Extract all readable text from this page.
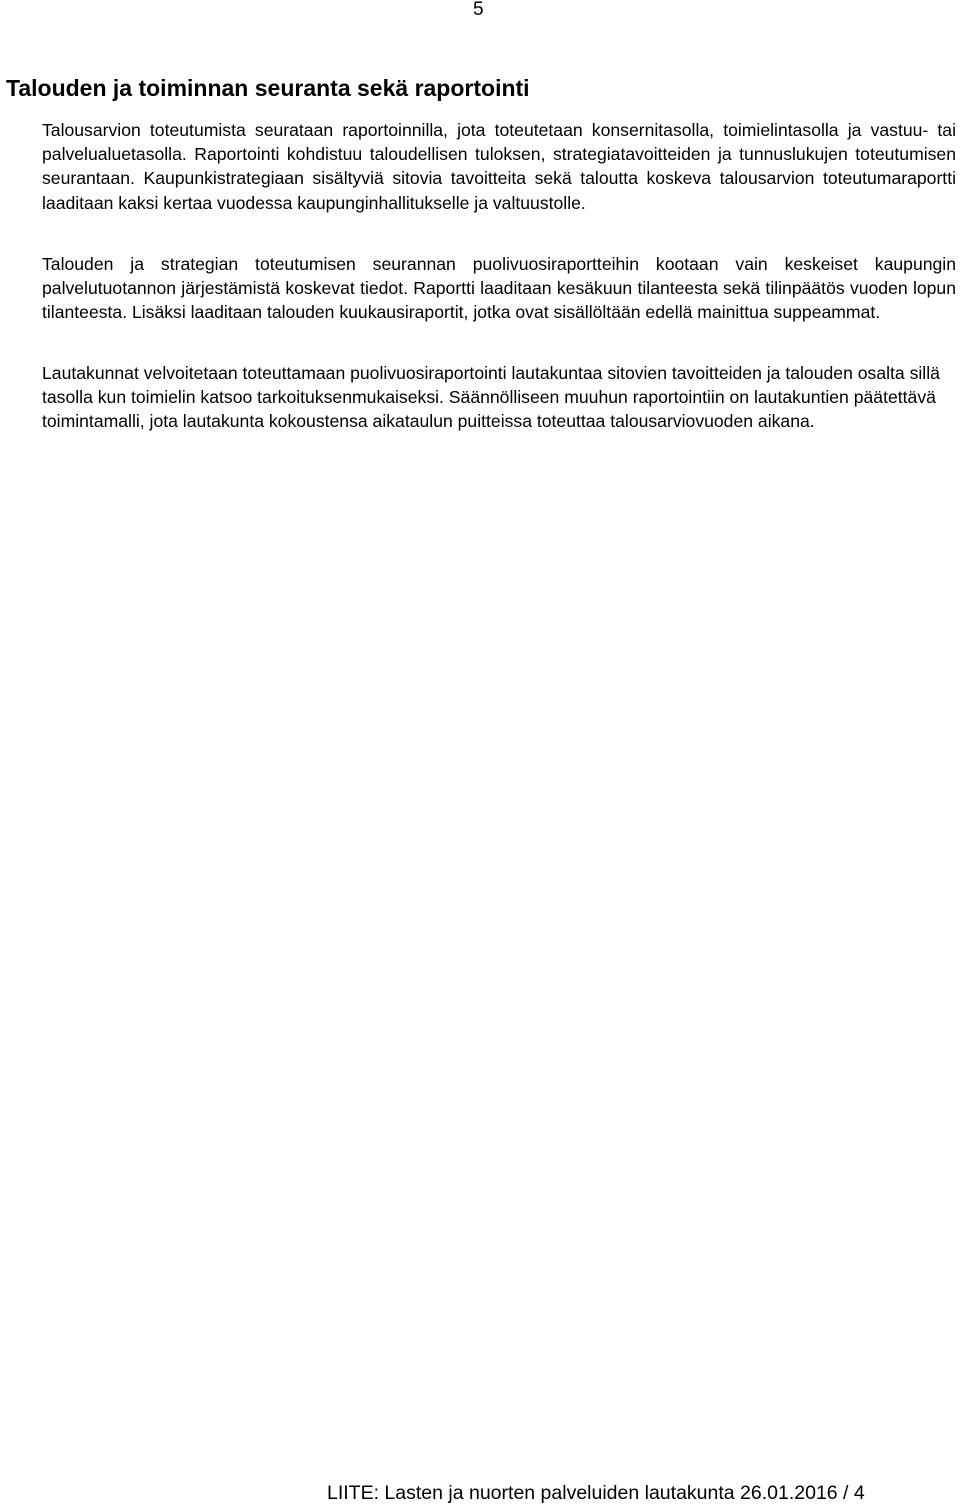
5
Talouden ja toiminnan seuranta sekä raportointi

Talousarvion toteutumista seurataan raportoinnilla, jota toteutetaan konsernitasolla, toimielintasolla ja vastuu- tai palvelualuetasolla. Raportointi kohdistuu taloudellisen tuloksen, strategiatavoitteiden ja tunnuslukujen toteutumisen seurantaan. Kaupunkistrategiaan sisältyviä sitovia tavoitteita sekä taloutta koskeva talousarvion toteutumaraportti laaditaan kaksi kertaa vuodessa kaupunginhallitukselle ja valtuustolle.

Talouden ja strategian toteutumisen seurannan puolivuosiraportteihin kootaan vain keskeiset kaupungin palvelutuotannon järjestämistä koskevat tiedot. Raportti laaditaan kesäkuun tilanteesta sekä tilinpäätös vuoden lopun tilanteesta. Lisäksi laaditaan talouden kuukausiraportit, jotka ovat sisällöltään edellä mainittua suppeammat.

Lautakunnat velvoitetaan toteuttamaan puolivuosiraportointi lautakuntaa sitovien tavoitteiden ja talouden osalta sillä tasolla kun toimielin katsoo tarkoituksenmukaiseksi. Säännölliseen muuhun raportointiin on lautakuntien päätettävä toimintamalli, jota lautakunta kokoustensa aikataulun puitteissa toteuttaa talousarviovuoden aikana.

LIITE: Lasten ja nuorten palveluiden lautakunta 26.01.2016 / 4
